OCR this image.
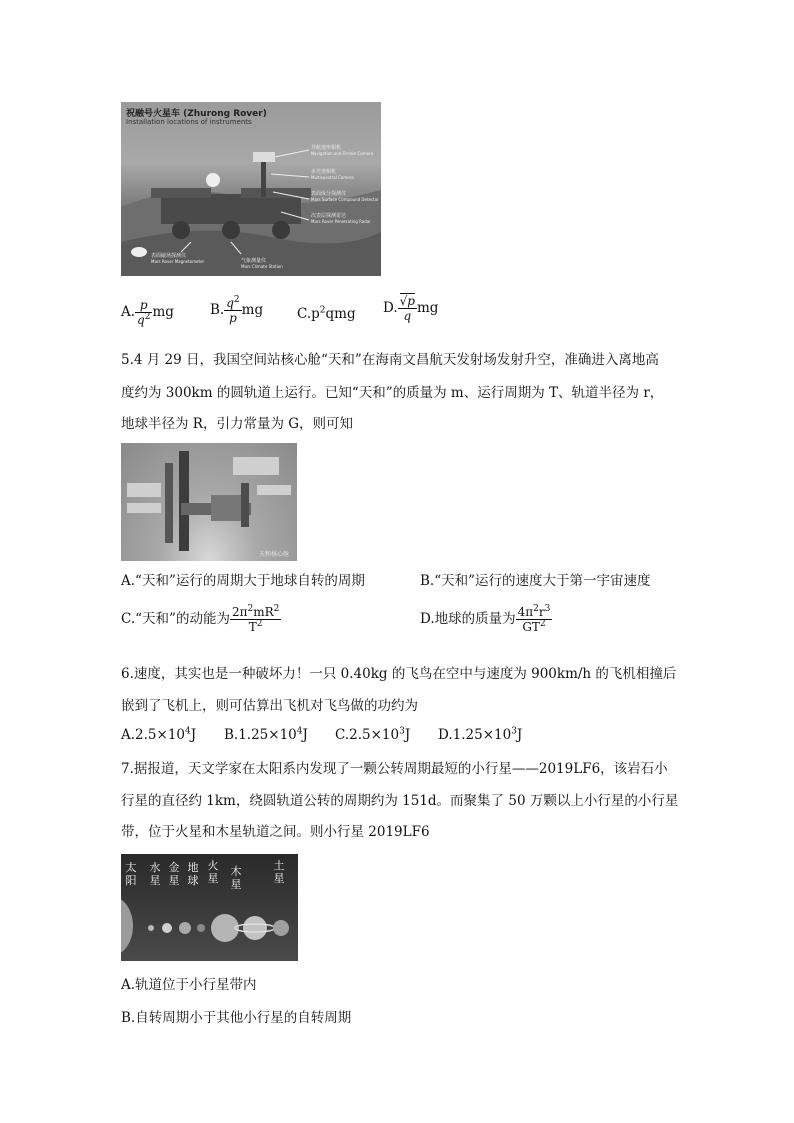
祝融号火星车 (Zhurong Rover)
Installation locations of instruments
导航地形相机
Navigation and Terrain Camera
多光谱相机
Multispectral Camera
表面成分探测仪
Mars Surface Compound Detector
次表层探测雷达
Mars Rover Penetrating Radar
表面磁场探测仪
Mars Rover Magnetometer	气象测量仪
Mars Climate Station
A. $\frac{p}{q^2}$ mg	B. $\frac{q^2}{p}$ mg	$C.p^2qmg$ D. $\frac{√p}{q}$ mg
5.4 月 29 日，我国空间站核心舱“天和”在海南文昌航天发射场发射升空，准确进入离地高
度约为 300km 的圆轨道上运行。已知“天和”的质量为 m、运行周期为 T、轨道半径为 r，
地球半径为 R，引力常量为 G，则可知
天和核心舱
A.“天和”运行的周期大于地球自转的周期	B.“天和”运行的速度大于第一宇宙速度
C.“天和”的动能为 $\frac{2\pi^2mR^2}{T^2}$	D.地球的质量为 $\frac{4\pi^2r^3}{GT^2}$
6.速度，其实也是一种破坏力！一只 0.40kg 的飞鸟在空中与速度为 900km/h 的飞机相撞后
嵌到了飞机上，则可估算出飞机对飞鸟做的功约为
$A.2.5\times 10^4J$ $B.1.25\times 10^4J$ $C.2.5\times 10^3J$ $D.1.25\times 10^3J$
7.据报道，天文学家在太阳系内发现了一颗公转周期最短的小行星——2019LF6，该岩石小
行星的直径约 1km，绕圆轨道公转的周期约为 151d。而聚集了 50 万颗以上小行星的小行星
带，位于火星和木星轨道之间。则小行星 2019LF6
太阳
水星
金星
地球
火星
木星
土星
A.轨道位于小行星带内
B.自转周期小于其他小行星的自转周期
